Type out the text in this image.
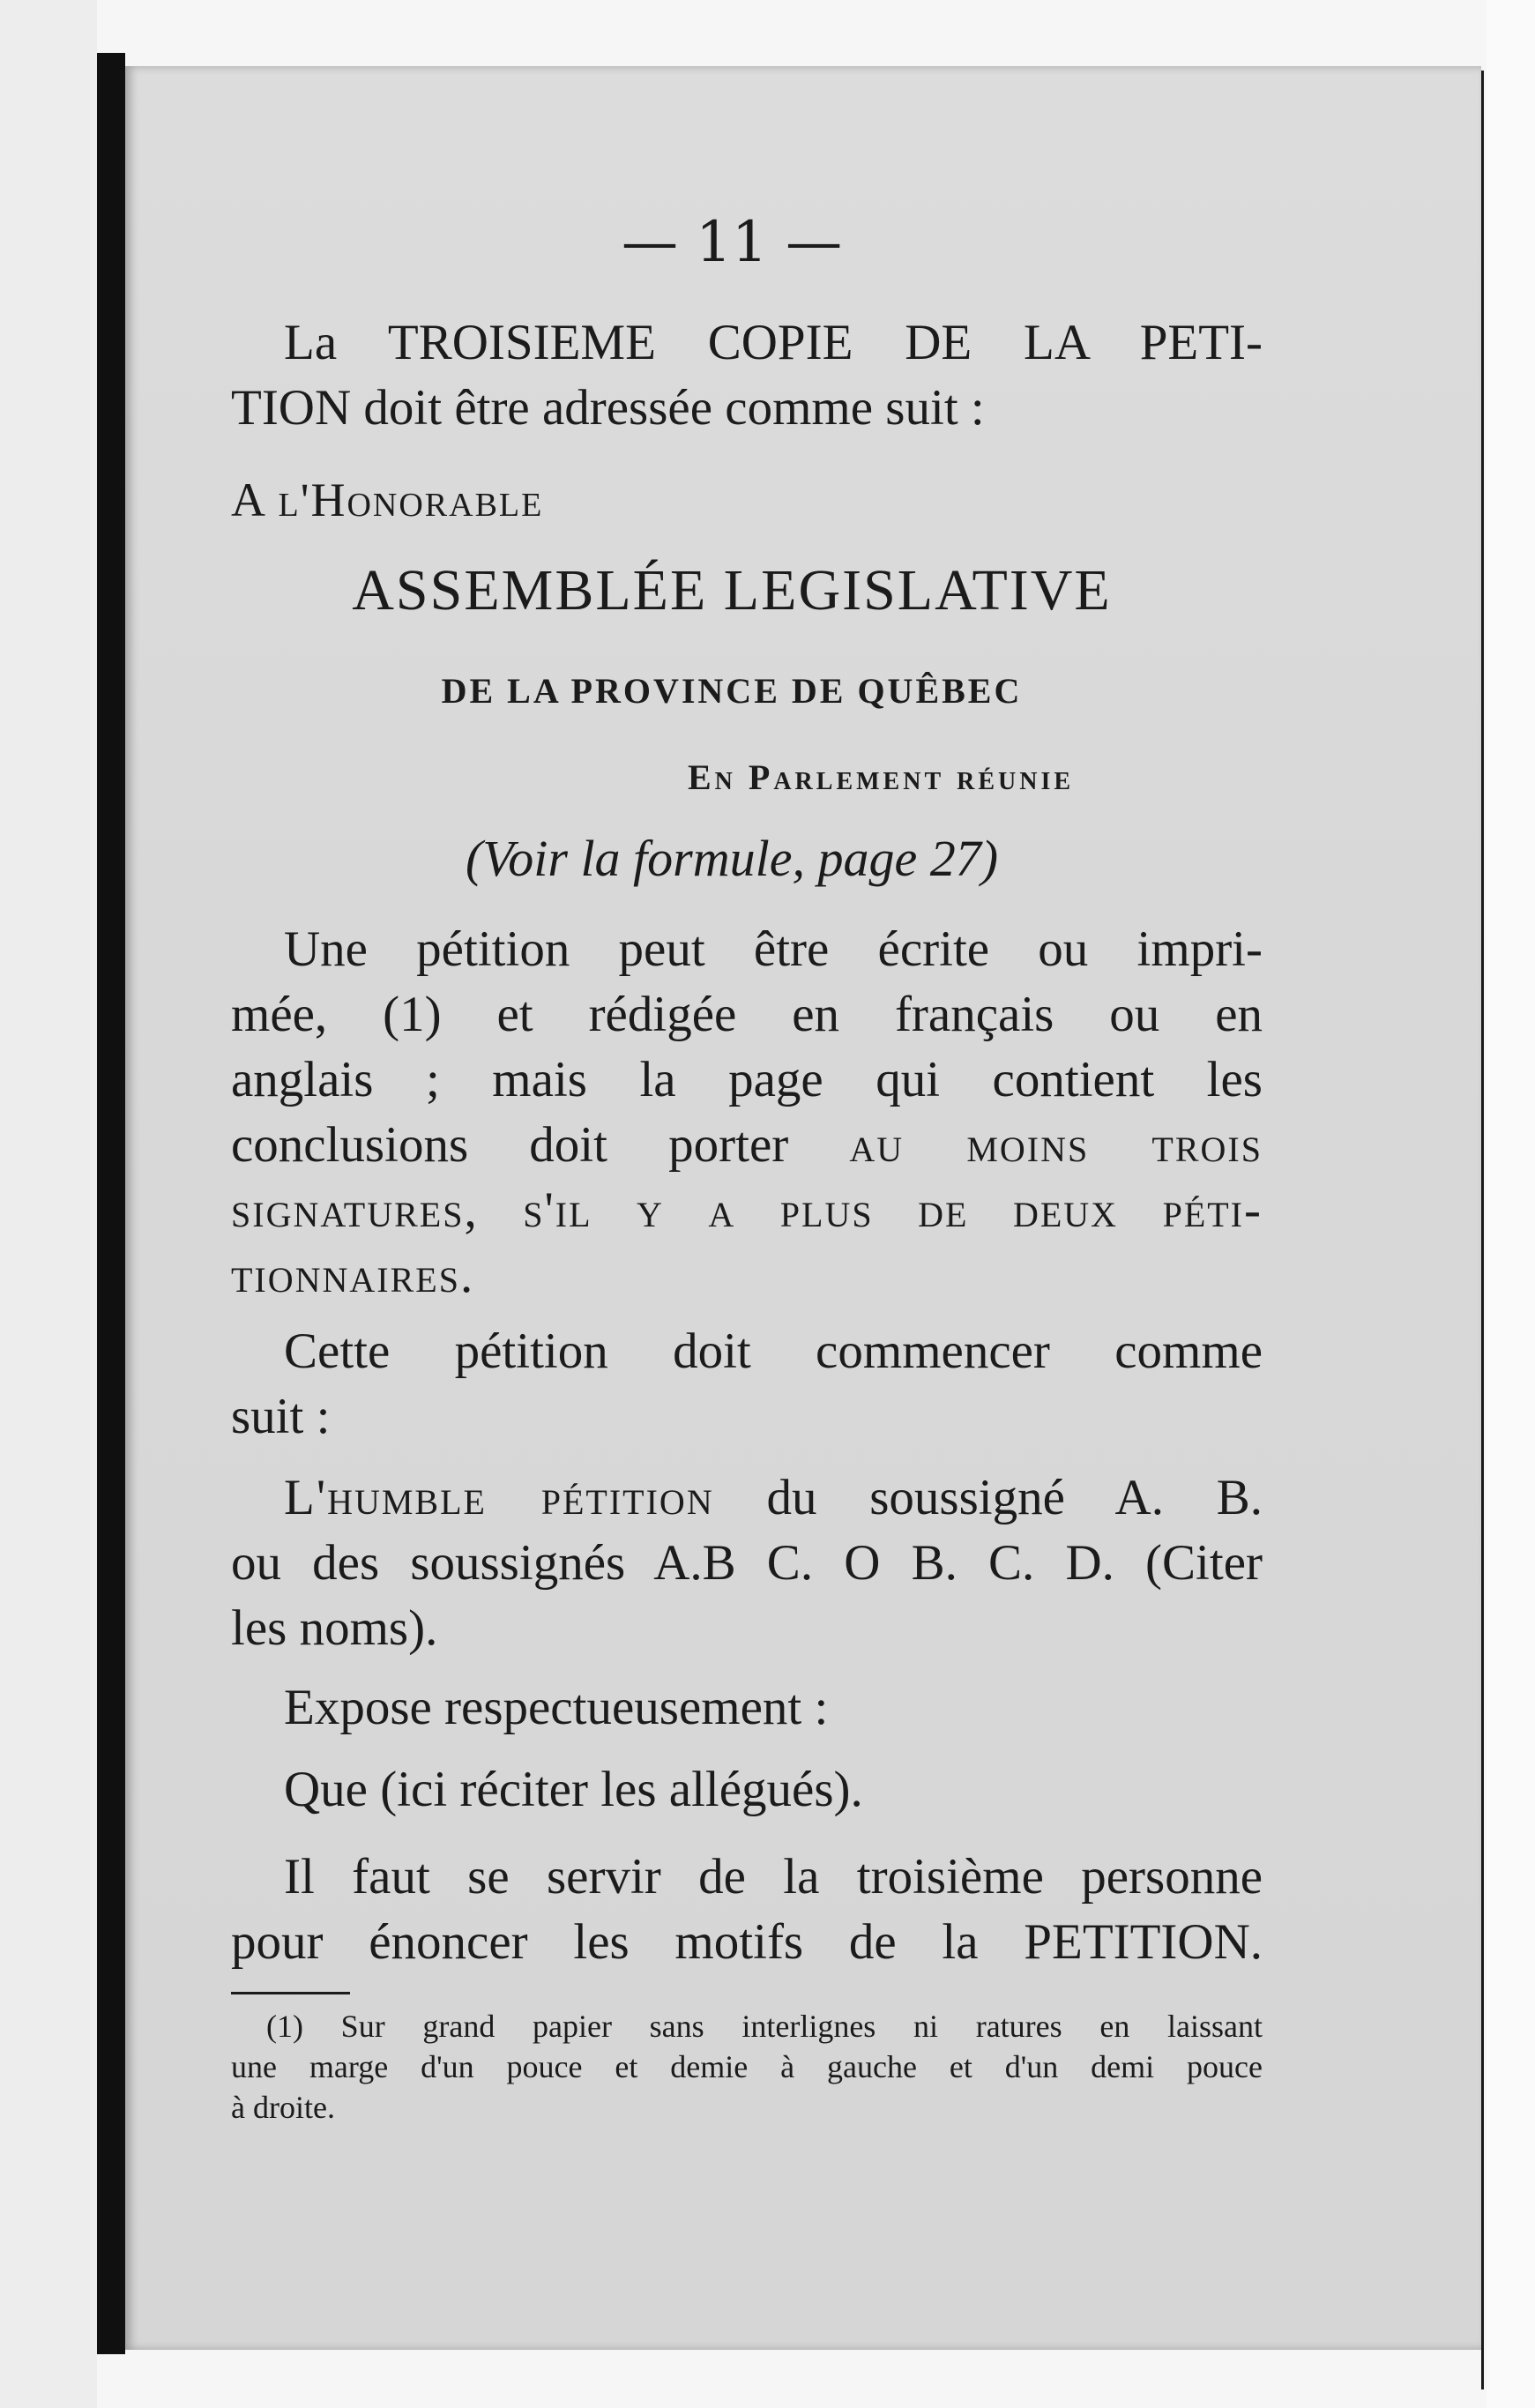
— 11 —
La TROISIEME COPIE DE LA PETI-
TION doit être adressée comme suit :
A l'Honorable
ASSEMBLÉE LEGISLATIVE
DE LA PROVINCE DE QUÊBEC
En Parlement réunie
(Voir la formule, page 27)
Une pétition peut être écrite ou impri-
mée, (1) et rédigée en français ou en
anglais ; mais la page qui contient les
conclusions doit porter au moins trois
signatures, s'il y a plus de deux péti-
tionnaires.
Cette pétition doit commencer comme
suit :
L'humble pétition du soussigné A. B.
ou des soussignés A.B C. O B. C. D. (Citer
les noms).
Expose respectueusement :
Que (ici réciter les allégués).
Il faut se servir de la troisième personne
pour énoncer les motifs de la PETITION.
(1) Sur grand papier sans interlignes ni ratures en laissant
une marge d'un pouce et demie à gauche et d'un demi pouce
à droite.
